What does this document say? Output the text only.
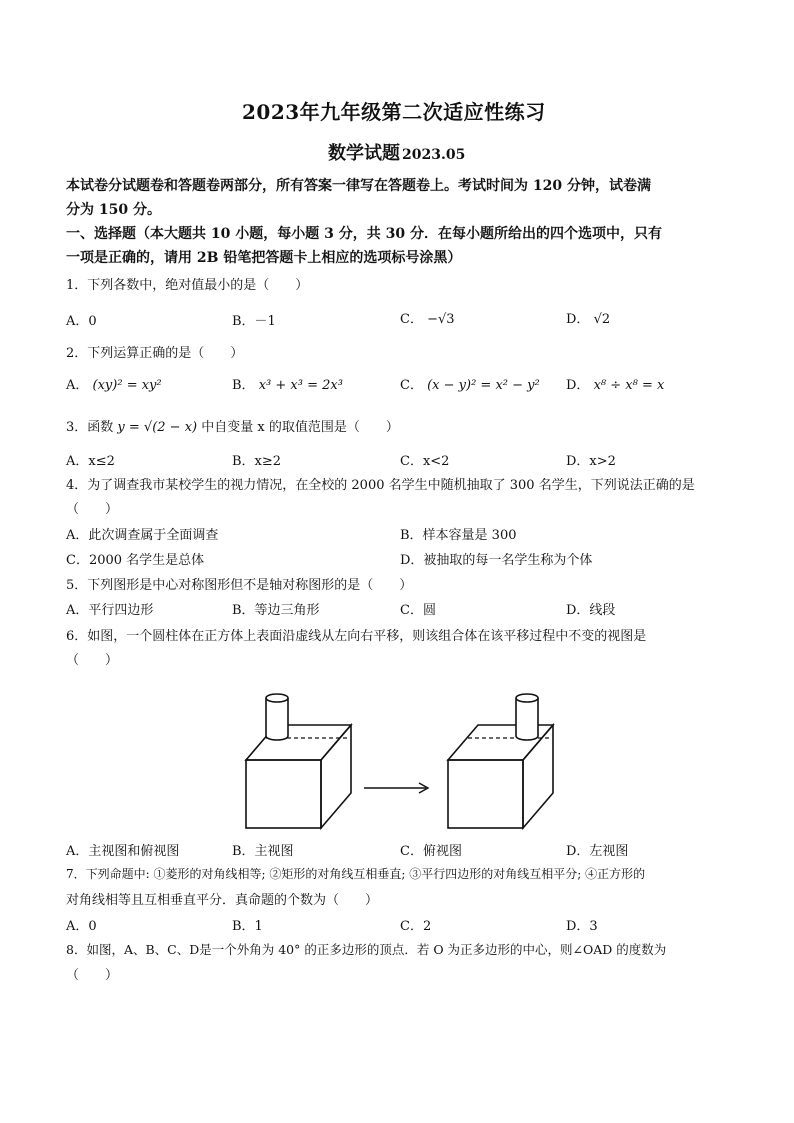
2023年九年级第二次适应性练习
数学试题 2023.05
本试卷分试题卷和答题卷两部分，所有答案一律写在答题卷上。考试时间为 120 分钟，试卷满
分为 150 分。
一、选择题（本大题共 10 小题，每小题 3 分，共 30 分．在每小题所给出的四个选项中，只有
一项是正确的，请用 2B 铅笔把答题卡上相应的选项标号涂黑）
1．下列各数中，绝对值最小的是（　　）
A．0	B．－1	C． −√3	D． √2
2．下列运算正确的是（　　）
A． (xy)² = xy²	B． x³ + x³ = 2x³	C． (x − y)² = x² − y² D． x⁸ ÷ x⁸ = x
3．函数 y = √(2 − x) 中自变量 x 的取值范围是（　　）
A．x≤2	B．x≥2	C．x<2	D．x>2
4．为了调查我市某校学生的视力情况，在全校的 2000 名学生中随机抽取了 300 名学生，下列说法正确的是
（　　）
A．此次调查属于全面调查	B．样本容量是 300
C．2000 名学生是总体	D．被抽取的每一名学生称为个体
5．下列图形是中心对称图形但不是轴对称图形的是（　　）
A．平行四边形	B．等边三角形	C．圆	D．线段
6．如图，一个圆柱体在正方体上表面沿虚线从左向右平移，则该组合体在该平移过程中不变的视图是
（　　）
A．主视图和俯视图	B．主视图	C．俯视图	D．左视图
7．下列命题中: ①菱形的对角线相等; ②矩形的对角线互相垂直; ③平行四边形的对角线互相平分; ④正方形的
对角线相等且互相垂直平分．真命题的个数为（　　）
A．0	B．1	C．2	D．3
8．如图，A、B、C、D是一个外角为 40° 的正多边形的顶点．若 O 为正多边形的中心，则∠OAD 的度数为
（　　）
